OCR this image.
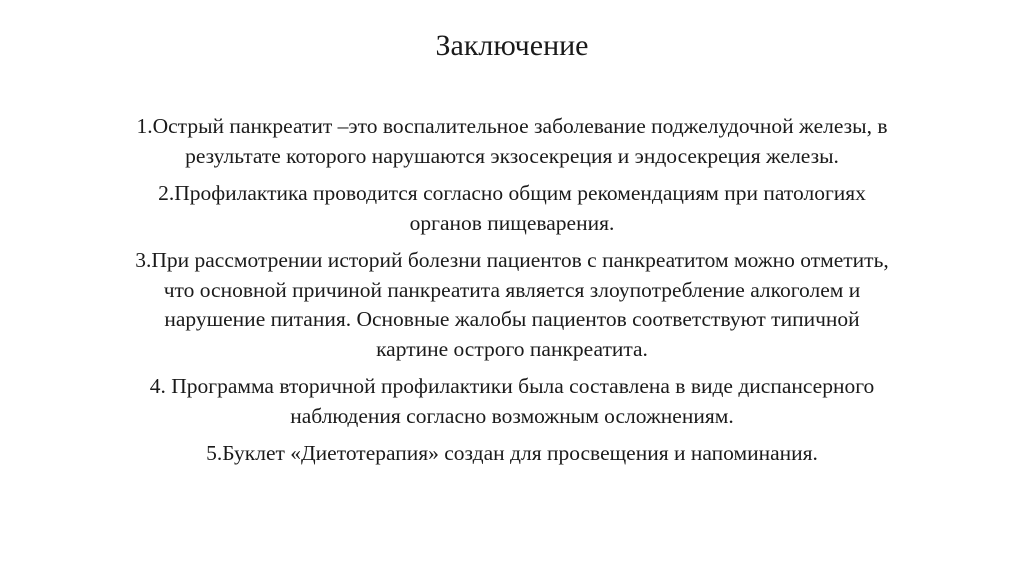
Заключение

1.Острый панкреатит –это воспалительное заболевание поджелудочной железы, в
результате которого нарушаются экзосекреция и эндосекреция железы.

2.Профилактика проводится согласно общим рекомендациям при патологиях
органов пищеварения.

3.При рассмотрении историй болезни пациентов с панкреатитом можно отметить,
что основной причиной панкреатита является злоупотребление алкоголем и
нарушение питания. Основные жалобы пациентов соответствуют типичной
картине острого панкреатита.

4. Программа вторичной профилактики была составлена в виде диспансерного
наблюдения согласно возможным осложнениям.

5.Буклет «Диетотерапия» создан для просвещения и напоминания.
